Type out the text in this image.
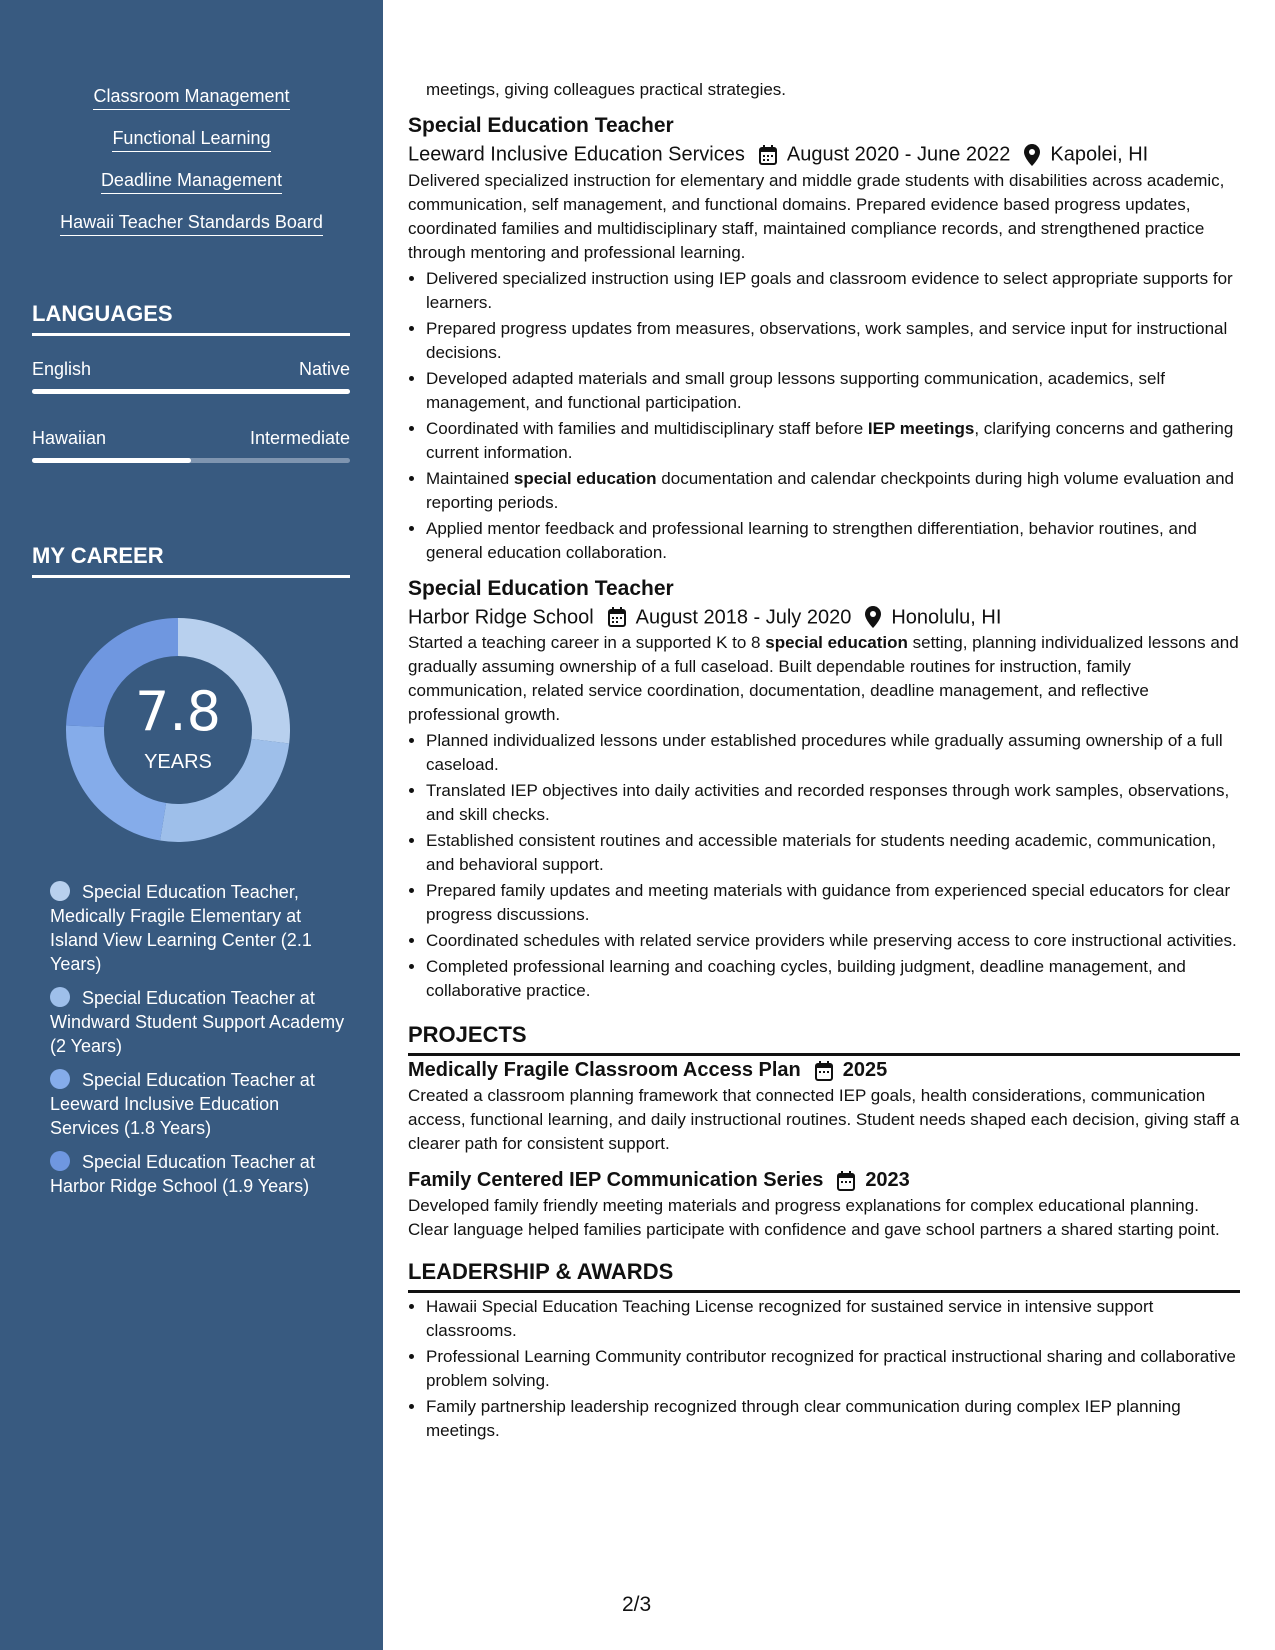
Classroom Management
Functional Learning
Deadline Management
Hawaii Teacher Standards Board
LANGUAGES
English	Native
Hawaiian	Intermediate
MY CAREER
7.8
YEARS
Special Education Teacher, Medically Fragile Elementary at Island View Learning Center (2.1 Years)
Special Education Teacher at Windward Student Support Academy (2 Years)
Special Education Teacher at Leeward Inclusive Education Services (1.8 Years)
Special Education Teacher at Harbor Ridge School (1.9 Years)

meetings, giving colleagues practical strategies.

Special Education Teacher

Leeward Inclusive Education Services August 2020 - June 2022 Kapolei, HI

Delivered specialized instruction for elementary and middle grade students with disabilities across academic, communication, self management, and functional domains. Prepared evidence based progress updates, coordinated families and multidisciplinary staff, maintained compliance records, and strengthened practice through mentoring and professional learning.

• Delivered specialized instruction using IEP goals and classroom evidence to select appropriate supports for learners.
• Prepared progress updates from measures, observations, work samples, and service input for instructional decisions.
• Developed adapted materials and small group lessons supporting communication, academics, self management, and functional participation.
• Coordinated with families and multidisciplinary staff before IEP meetings, clarifying concerns and gathering current information.
• Maintained special education documentation and calendar checkpoints during high volume evaluation and reporting periods.
• Applied mentor feedback and professional learning to strengthen differentiation, behavior routines, and general education collaboration.

Special Education Teacher

Harbor Ridge School August 2018 - July 2020 Honolulu, HI

Started a teaching career in a supported K to 8 special education setting, planning individualized lessons and gradually assuming ownership of a full caseload. Built dependable routines for instruction, family communication, related service coordination, documentation, deadline management, and reflective professional growth.

• Planned individualized lessons under established procedures while gradually assuming ownership of a full caseload.
• Translated IEP objectives into daily activities and recorded responses through work samples, observations, and skill checks.
• Established consistent routines and accessible materials for students needing academic, communication, and behavioral support.
• Prepared family updates and meeting materials with guidance from experienced special educators for clear progress discussions.
• Coordinated schedules with related service providers while preserving access to core instructional activities.
• Completed professional learning and coaching cycles, building judgment, deadline management, and collaborative practice.

PROJECTS

Medically Fragile Classroom Access Plan 2025

Created a classroom planning framework that connected IEP goals, health considerations, communication access, functional learning, and daily instructional routines. Student needs shaped each decision, giving staff a clearer path for consistent support.

Family Centered IEP Communication Series 2023

Developed family friendly meeting materials and progress explanations for complex educational planning. Clear language helped families participate with confidence and gave school partners a shared starting point.

LEADERSHIP & AWARDS

• Hawaii Special Education Teaching License recognized for sustained service in intensive support classrooms.
• Professional Learning Community contributor recognized for practical instructional sharing and collaborative problem solving.
• Family partnership leadership recognized through clear communication during complex IEP planning meetings.
2/3
